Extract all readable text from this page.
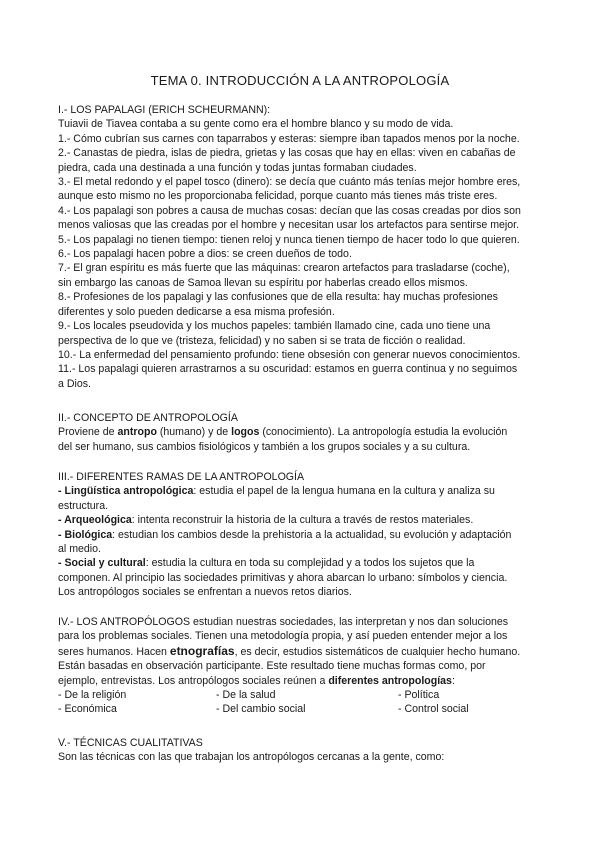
TEMA 0. INTRODUCCIÓN A LA ANTROPOLOGÍA
I.- LOS PAPALAGI (ERICH SCHEURMANN):
Tuiavii de Tiavea contaba a su gente como era el hombre blanco y su modo de vida.
1.- Cómo cubrían sus carnes con taparrabos y esteras: siempre iban tapados menos por la noche.
2.- Canastas de piedra, islas de piedra, grietas y las cosas que hay en ellas: viven en cabañas de
piedra, cada una destinada a una función y todas juntas formaban ciudades.
3.- El metal redondo y el papel tosco (dinero): se decía que cuánto más tenías mejor hombre eres,
aunque esto mismo no les proporcionaba felicidad, porque cuanto más tienes más triste eres.
4.- Los papalagi son pobres a causa de muchas cosas: decían que las cosas creadas por dios son
menos valiosas que las creadas por el hombre y necesitan usar los artefactos para sentirse mejor.
5.- Los papalagi no tienen tiempo: tienen reloj y nunca tienen tiempo de hacer todo lo que quieren.
6.- Los papalagi hacen pobre a dios: se creen dueños de todo.
7.- El gran espíritu es más fuerte que las máquinas: crearon artefactos para trasladarse (coche),
sin embargo las canoas de Samoa llevan su espíritu por haberlas creado ellos mismos.
8.- Profesiones de los papalagi y las confusiones que de ella resulta: hay muchas profesiones
diferentes y solo pueden dedicarse a esa misma profesión.
9.- Los locales pseudovida y los muchos papeles: también llamado cine, cada uno tiene una
perspectiva de lo que ve (tristeza, felicidad) y no saben si se trata de ficción o realidad.
10.- La enfermedad del pensamiento profundo: tiene obsesión con generar nuevos conocimientos.
11.- Los papalagi quieren arrastrarnos a su oscuridad: estamos en guerra continua y no seguimos
a Dios.
II.- CONCEPTO DE ANTROPOLOGÍA
Proviene de antropo (humano) y de logos (conocimiento). La antropología estudia la evolución
del ser humano, sus cambios fisiológicos y también a los grupos sociales y a su cultura.
III.- DIFERENTES RAMAS DE LA ANTROPOLOGÍA
- Lingüística antropológica: estudia el papel de la lengua humana en la cultura y analiza su
estructura.
- Arqueológica: intenta reconstruir la historia de la cultura a través de restos materiales.
- Biológica: estudian los cambios desde la prehistoria a la actualidad, su evolución y adaptación
al medio.
- Social y cultural: estudia la cultura en toda su complejidad y a todos los sujetos que la
componen. Al principio las sociedades primitivas y ahora abarcan lo urbano: símbolos y ciencia.
Los antropólogos sociales se enfrentan a nuevos retos diarios.
IV.- LOS ANTROPÓLOGOS estudian nuestras sociedades, las interpretan y nos dan soluciones
para los problemas sociales. Tienen una metodología propia, y así pueden entender mejor a los
seres humanos. Hacen etnografías, es decir, estudios sistemáticos de cualquier hecho humano.
Están basadas en observación participante. Este resultado tiene muchas formas como, por
ejemplo, entrevistas. Los antropólogos sociales reúnen a diferentes antropologías:
- De la religión	- De la salud	- Política
- Económica	- Del cambio social	- Control social
V.- TÉCNICAS CUALITATIVAS
Son las técnicas con las que trabajan los antropólogos cercanas a la gente, como:
